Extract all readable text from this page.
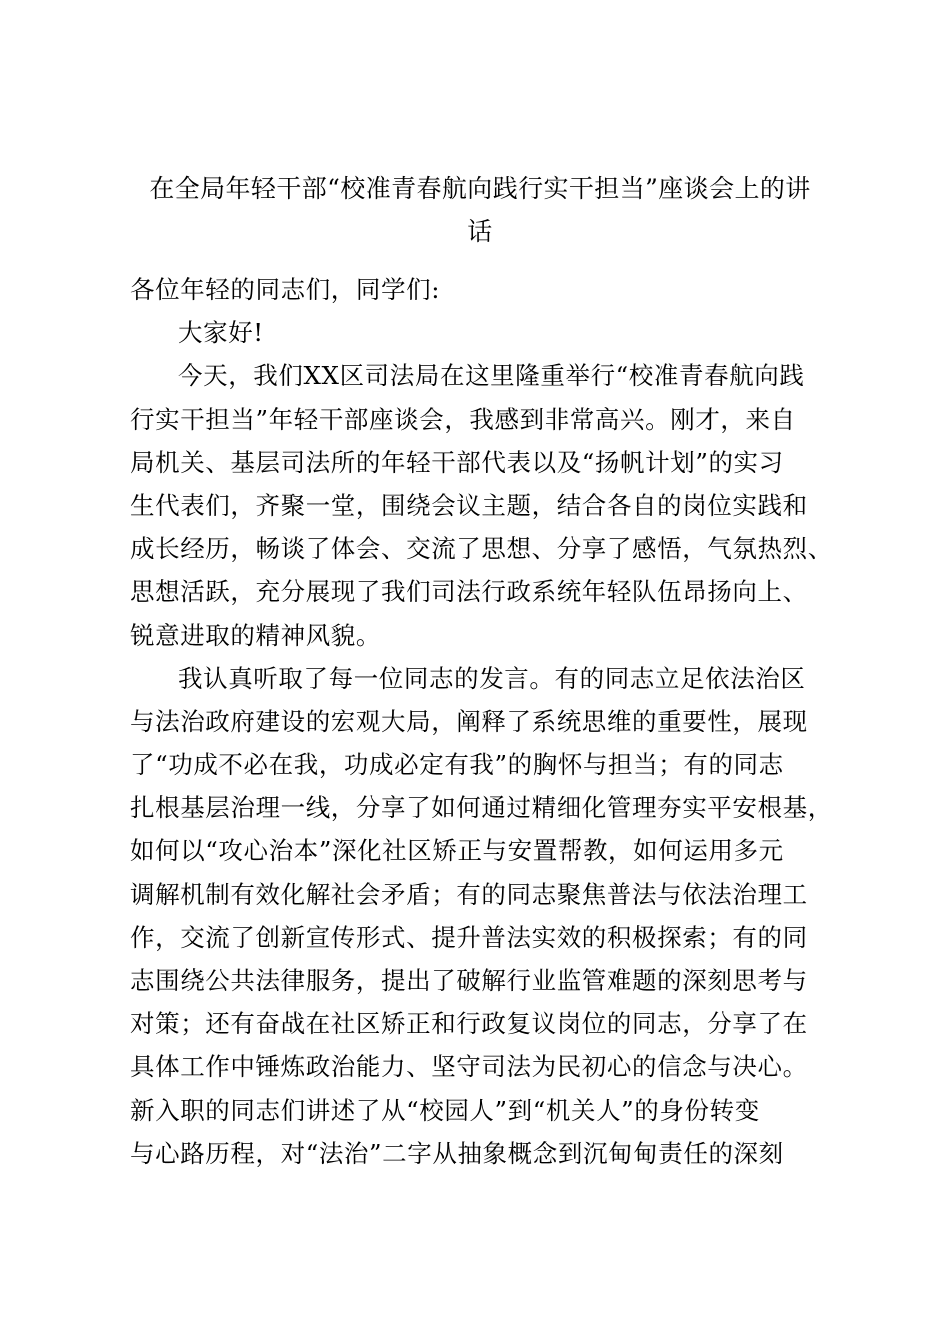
在全局年轻干部“校准青春航向践行实干担当”座谈会上的讲
话
各位年轻的同志们，同学们:
大家好!
今天，我们XX区司法局在这里隆重举行“校准青春航向践
行实干担当”年轻干部座谈会，我感到非常高兴。刚才，来自
局机关、基层司法所的年轻干部代表以及“扬帆计划”的实习
生代表们，齐聚一堂，围绕会议主题，结合各自的岗位实践和
成长经历，畅谈了体会、交流了思想、分享了感悟，气氛热烈、
思想活跃，充分展现了我们司法行政系统年轻队伍昂扬向上、
锐意进取的精神风貌。
我认真听取了每一位同志的发言。有的同志立足依法治区
与法治政府建设的宏观大局，阐释了系统思维的重要性，展现
了“功成不必在我，功成必定有我”的胸怀与担当；有的同志
扎根基层治理一线，分享了如何通过精细化管理夯实平安根基，
如何以“攻心治本”深化社区矫正与安置帮教，如何运用多元
调解机制有效化解社会矛盾；有的同志聚焦普法与依法治理工
作，交流了创新宣传形式、提升普法实效的积极探索；有的同
志围绕公共法律服务，提出了破解行业监管难题的深刻思考与
对策；还有奋战在社区矫正和行政复议岗位的同志，分享了在
具体工作中锤炼政治能力、坚守司法为民初心的信念与决心。
新入职的同志们讲述了从“校园人”到“机关人”的身份转变
与心路历程，对“法治”二字从抽象概念到沉甸甸责任的深刻
